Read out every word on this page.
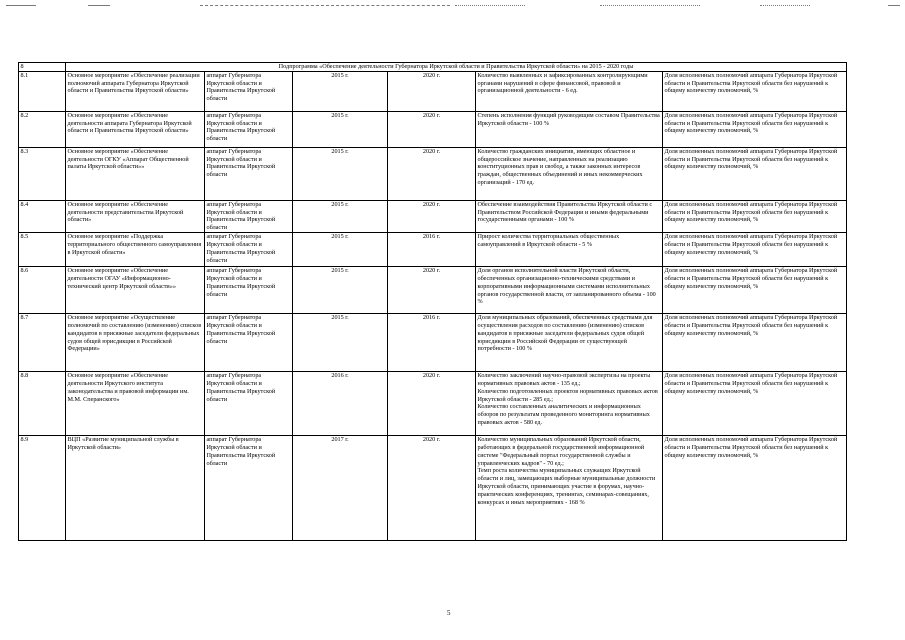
8	Подпрограмма «Обеспечение деятельности Губернатора Иркутской области и Правительства Иркутской области» на 2015 - 2020 годы					
8.1	Основное мероприятие «Обеспечение реализации полномочий аппарата Губернатора Иркутской области и Правительства Иркутской области»	аппарат Губернатора Иркутской области и Правительства Иркутской области	2015 г.	2020 г.	Количество выявленных и зафиксированных контролирующими органами нарушений в сфере финансовой, правовой и организационной деятельности - 6 ед.	Доля исполненных полномочий аппарата Губернатора Иркутской области и Правительства Иркутской области без нарушений к общему количеству полномочий, %
8.2	Основное мероприятие «Обеспечение деятельности аппарата Губернатора Иркутской области и Правительства Иркутской области»	аппарат Губернатора Иркутской области и Правительства Иркутской области	2015 г.	2020 г.	Степень исполнения функций руководящим составом Правительства Иркутской области - 100 %	Доля исполненных полномочий аппарата Губернатора Иркутской области и Правительства Иркутской области без нарушений к общему количеству полномочий, %
8.3	Основное мероприятие «Обеспечение деятельности ОГКУ «Аппарат Общественной палаты Иркутской области»»	аппарат Губернатора Иркутской области и Правительства Иркутской области	2015 г.	2020 г.	Количество гражданских инициатив, имеющих областное и общероссийское значение, направленных на реализацию конституционных прав и свобод, а также законных интересов граждан, общественных объединений и иных некоммерческих организаций - 170 ед.	Доля исполненных полномочий аппарата Губернатора Иркутской области и Правительства Иркутской области без нарушений к общему количеству полномочий, %
8.4	Основное мероприятие «Обеспечение деятельности представительства Иркутской области»	аппарат Губернатора Иркутской области и Правительства Иркутской области	2015 г.	2020 г.	Обеспечение взаимодействия Правительства Иркутской области с Правительством Российской Федерации и иными федеральными государственными органами - 100 %	Доля исполненных полномочий аппарата Губернатора Иркутской области и Правительства Иркутской области без нарушений к общему количеству полномочий, %
8.5	Основное мероприятие «Поддержка территориального общественного самоуправления в Иркутской области»	аппарат Губернатора Иркутской области и Правительства Иркутской области	2015 г.	2016 г.	Прирост количества территориальных общественных самоуправлений в Иркутской области - 5 %	Доля исполненных полномочий аппарата Губернатора Иркутской области и Правительства Иркутской области без нарушений к общему количеству полномочий, %
8.6	Основное мероприятие «Обеспечение деятельности ОГАУ «Информационно-технический центр Иркутской области»»	аппарат Губернатора Иркутской области и Правительства Иркутской области	2015 г.	2020 г.	Доля органов исполнительной власти Иркутской области, обеспеченных организационно-техническими средствами и корпоративными информационными системами исполнительных органов государственной власти, от запланированного объема - 100 %	Доля исполненных полномочий аппарата Губернатора Иркутской области и Правительства Иркутской области без нарушений к общему количеству полномочий, %
8.7	Основное мероприятие «Осуществление полномочий по составлению (изменению) списков кандидатов в присяжные заседатели федеральных судов общей юрисдикции в Российской Федерации»	аппарат Губернатора Иркутской области и Правительства Иркутской области	2015 г.	2016 г.	Доля муниципальных образований, обеспеченных средствами для осуществления расходов по составлению (изменению) списков кандидатов в присяжные заседатели федеральных судов общей юрисдикции в Российской Федерации от существующей потребности - 100 %	Доля исполненных полномочий аппарата Губернатора Иркутской области и Правительства Иркутской области без нарушений к общему количеству полномочий, %
8.8	Основное мероприятие «Обеспечение деятельности Иркутского института законодательства и правовой информации им. М.М. Сперанского»	аппарат Губернатора Иркутской области и Правительства Иркутской области	2016 г.	2020 г.	Количество заключений научно-правовой экспертизы на проекты нормативных правовых актов - 135 ед.;
Количество подготовленных проектов нормативных правовых актов Иркутской области - 285 ед.;
Количество составленных аналитических и информационных обзоров по результатам проведенного мониторинга нормативных правовых актов - 580 ед.	Доля исполненных полномочий аппарата Губернатора Иркутской области и Правительства Иркутской области без нарушений к общему количеству полномочий, %
8.9	ВЦП «Развитие муниципальной службы в Иркутской области»	аппарат Губернатора Иркутской области и Правительства Иркутской области	2017 г.	2020 г.	Количество муниципальных образований Иркутской области, работающих в федеральной государственной информационной системе "Федеральный портал государственной службы и управленческих кадров" - 70 ед.;
Темп роста количества муниципальных служащих Иркутской области и лиц, замещающих выборные муниципальные должности Иркутской области, принимающих участие в форумах, научно-практических конференциях, тренингах, семинарах-совещаниях, конкурсах и иных мероприятиях - 168 %	Доля исполненных полномочий аппарата Губернатора Иркутской области и Правительства Иркутской области без нарушений к общему количеству полномочий, %
5
